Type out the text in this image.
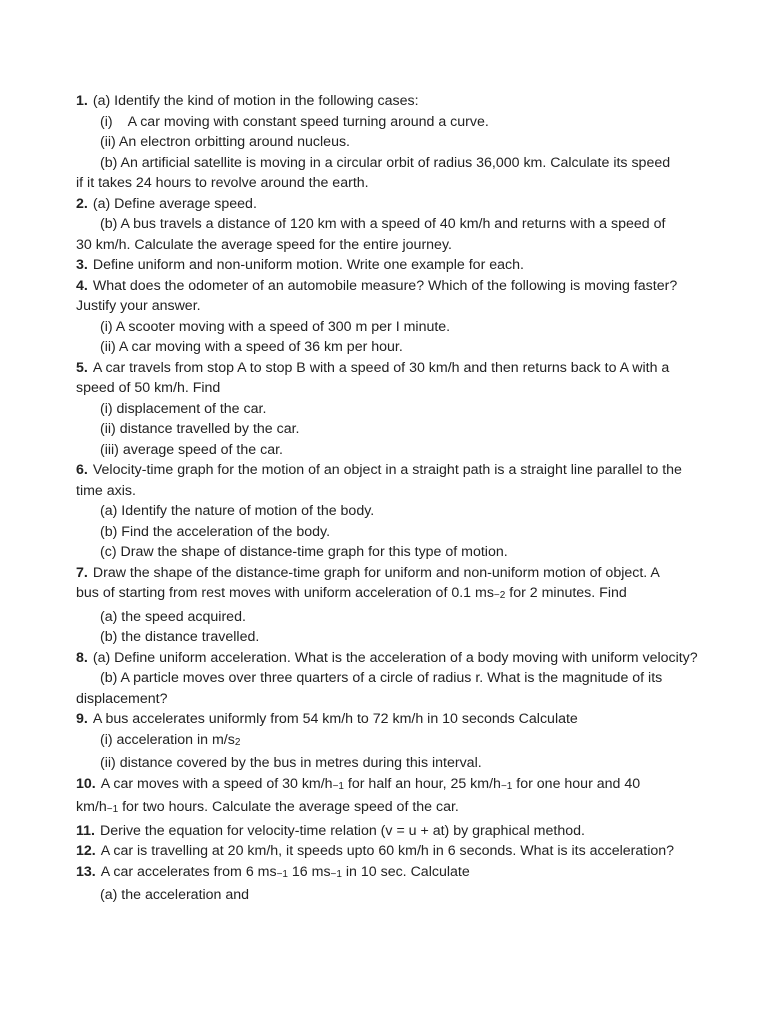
1. (a) Identify the kind of motion in the following cases:
(i)    A car moving with constant speed turning around a curve.
(ii) An electron orbitting around nucleus.
(b) An artificial satellite is moving in a circular orbit of radius 36,000 km. Calculate its speed
if it takes 24 hours to revolve around the earth.
2. (a) Define average speed.
(b) A bus travels a distance of 120 km with a speed of 40 km/h and returns with a speed of
30 km/h. Calculate the average speed for the entire journey.
3. Define uniform and non-uniform motion. Write one example for each.
4. What does the odometer of an automobile measure? Which of the following is moving faster? Justify your answer.
(i) A scooter moving with a speed of 300 m per I minute.
(ii) A car moving with a speed of 36 km per hour.
5. A car travels from stop A to stop B with a speed of 30 km/h and then returns back to A with a speed of 50 km/h. Find
(i) displacement of the car.
(ii) distance travelled by the car.
(iii) average speed of the car.
6. Velocity-time graph for the motion of an object in a straight path is a straight line parallel to the time axis.
(a) Identify the nature of motion of the body.
(b) Find the acceleration of the body.
(c) Draw the shape of distance-time graph for this type of motion.
7. Draw the shape of the distance-time graph for uniform and non-uniform motion of object. A
bus of starting from rest moves with uniform acceleration of 0.1 ms−2 for 2 minutes. Find
(a) the speed acquired.
(b) the distance travelled.
8. (a) Define uniform acceleration. What is the acceleration of a body moving with uniform velocity?
(b) A particle moves over three quarters of a circle of radius r. What is the magnitude of its
displacement?
9. A bus accelerates uniformly from 54 km/h to 72 km/h in 10 seconds Calculate
(i) acceleration in m/s2
(ii) distance covered by the bus in metres during this interval.
10. A car moves with a speed of 30 km/h−1 for half an hour, 25 km/h−1 for one hour and 40
km/h−1 for two hours. Calculate the average speed of the car.
11. Derive the equation for velocity-time relation (v = u + at) by graphical method.
12. A car is travelling at 20 km/h, it speeds upto 60 km/h in 6 seconds. What is its acceleration?
13. A car accelerates from 6 ms−1 16 ms−1 in 10 sec. Calculate
(a) the acceleration and
